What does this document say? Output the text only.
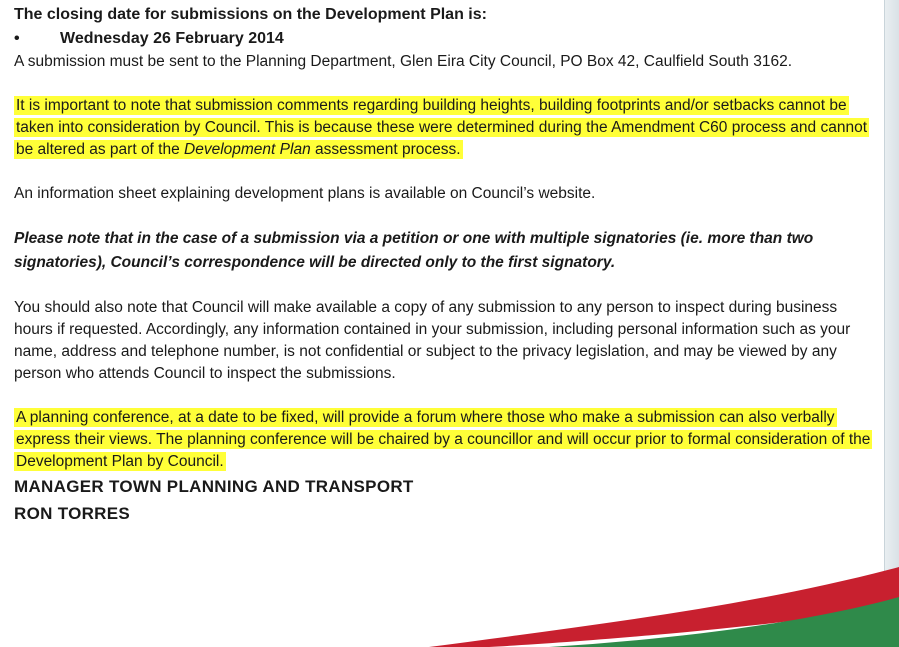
The closing date for submissions on the Development Plan is:

•	Wednesday 26 February 2014

A submission must be sent to the Planning Department, Glen Eira City Council, PO Box 42, Caulfield South 3162.

It is important to note that submission comments regarding building heights, building footprints and/or setbacks cannot be taken into consideration by Council. This is because these were determined during the Amendment C60 process and cannot be altered as part of the Development Plan assessment process.

An information sheet explaining development plans is available on Council’s website.

Please note that in the case of a submission via a petition or one with multiple signatories (ie. more than two signatories), Council’s correspondence will be directed only to the first signatory.

You should also note that Council will make available a copy of any submission to any person to inspect during business hours if requested. Accordingly, any information contained in your submission, including personal information such as your name, address and telephone number, is not confidential or subject to the privacy legislation, and may be viewed by any person who attends Council to inspect the submissions.

A planning conference, at a date to be fixed, will provide a forum where those who make a submission can also verbally express their views. The planning conference will be chaired by a councillor and will occur prior to formal consideration of the Development Plan by Council.

MANAGER TOWN PLANNING AND TRANSPORT

RON TORRES
